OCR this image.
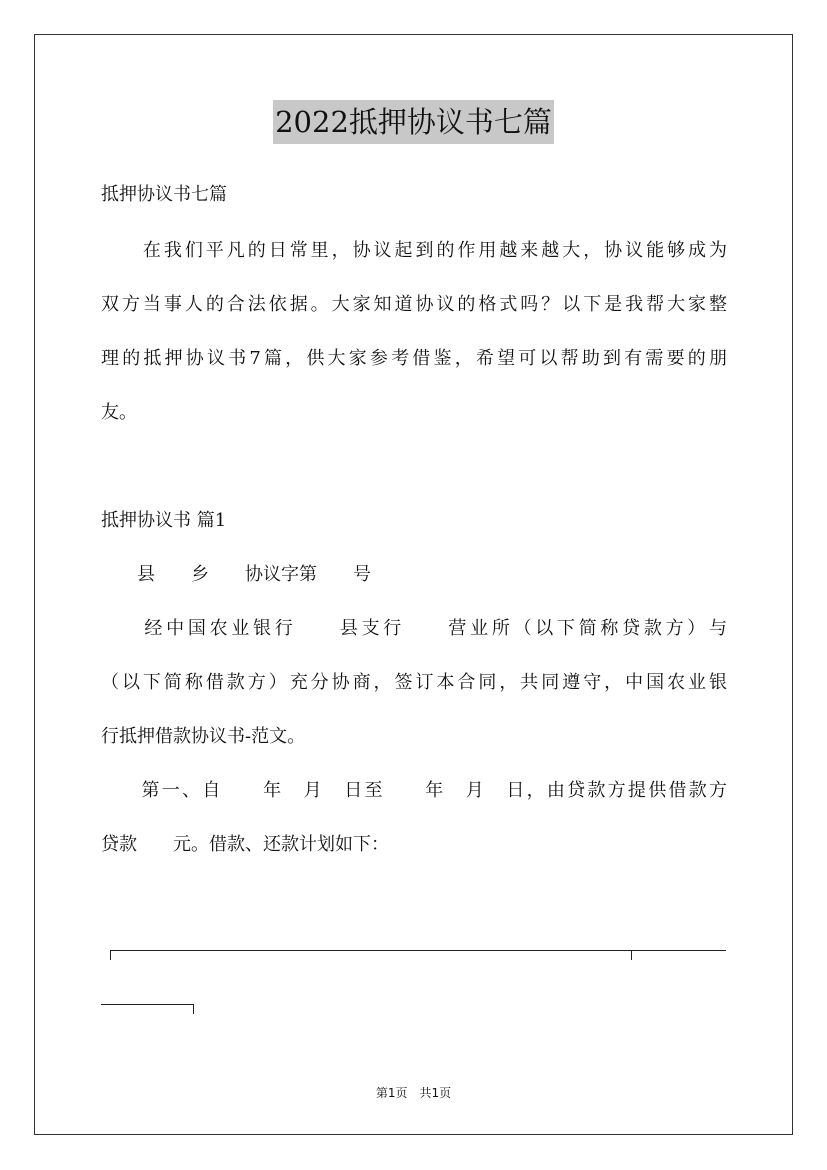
2022抵押协议书七篇
抵押协议书七篇
　　在我们平凡的日常里，协议起到的作用越来越大，协议能够成为
双方当事人的合法依据。大家知道协议的格式吗？以下是我帮大家整
理的抵押协议书7篇，供大家参考借鉴，希望可以帮助到有需要的朋
友。
抵押协议书 篇1
　　县　　乡　　协议字第　　号
　　经中国农业银行　　县支行　　营业所（以下简称贷款方）与
（以下简称借款方）充分协商，签订本合同，共同遵守，中国农业银
行抵押借款协议书-范文。
　　第一、自　　年　月　日至　　年　月　日，由贷款方提供借款方
贷款　　元。借款、还款计划如下：
第1页　共1页
